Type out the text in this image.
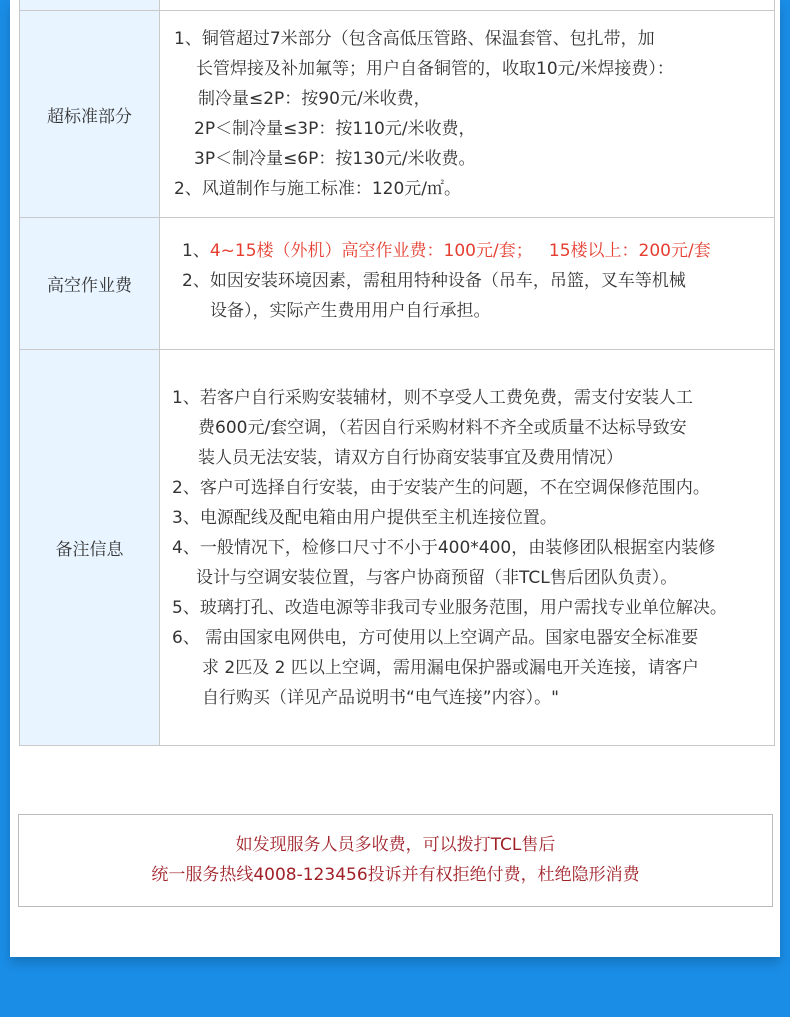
超标准部分
1、铜管超过7米部分（包含高低压管路、保温套管、包扎带，加
长管焊接及补加氟等；用户自备铜管的，收取10元/米焊接费）：
制冷量≤2P：按90元/米收费，
2P＜制冷量≤3P：按110元/米收费，
3P＜制冷量≤6P：按130元/米收费。
2、风道制作与施工标准：120元/㎡。
高空作业费
1、4~15楼（外机）高空作业费：100元/套；   15楼以上：200元/套
2、如因安装环境因素，需租用特种设备（吊车，吊篮，叉车等机械
设备），实际产生费用用户自行承担。
备注信息
1、若客户自行采购安装辅材，则不享受人工费免费，需支付安装人工
费600元/套空调，（若因自行采购材料不齐全或质量不达标导致安
装人员无法安装，请双方自行协商安装事宜及费用情况）
2、客户可选择自行安装，由于安装产生的问题，不在空调保修范围内。
3、电源配线及配电箱由用户提供至主机连接位置。
4、一般情况下，检修口尺寸不小于400*400，由装修团队根据室内装修
设计与空调安装位置，与客户协商预留（非TCL售后团队负责）。
5、玻璃打孔、改造电源等非我司专业服务范围，用户需找专业单位解决。
6、 需由国家电网供电，方可使用以上空调产品。国家电器安全标准要
求 2匹及 2 匹以上空调，需用漏电保护器或漏电开关连接，请客户
自行购买（详见产品说明书“电气连接”内容）。"
如发现服务人员多收费，可以拨打TCL售后
统一服务热线4008-123456投诉并有权拒绝付费，杜绝隐形消费
